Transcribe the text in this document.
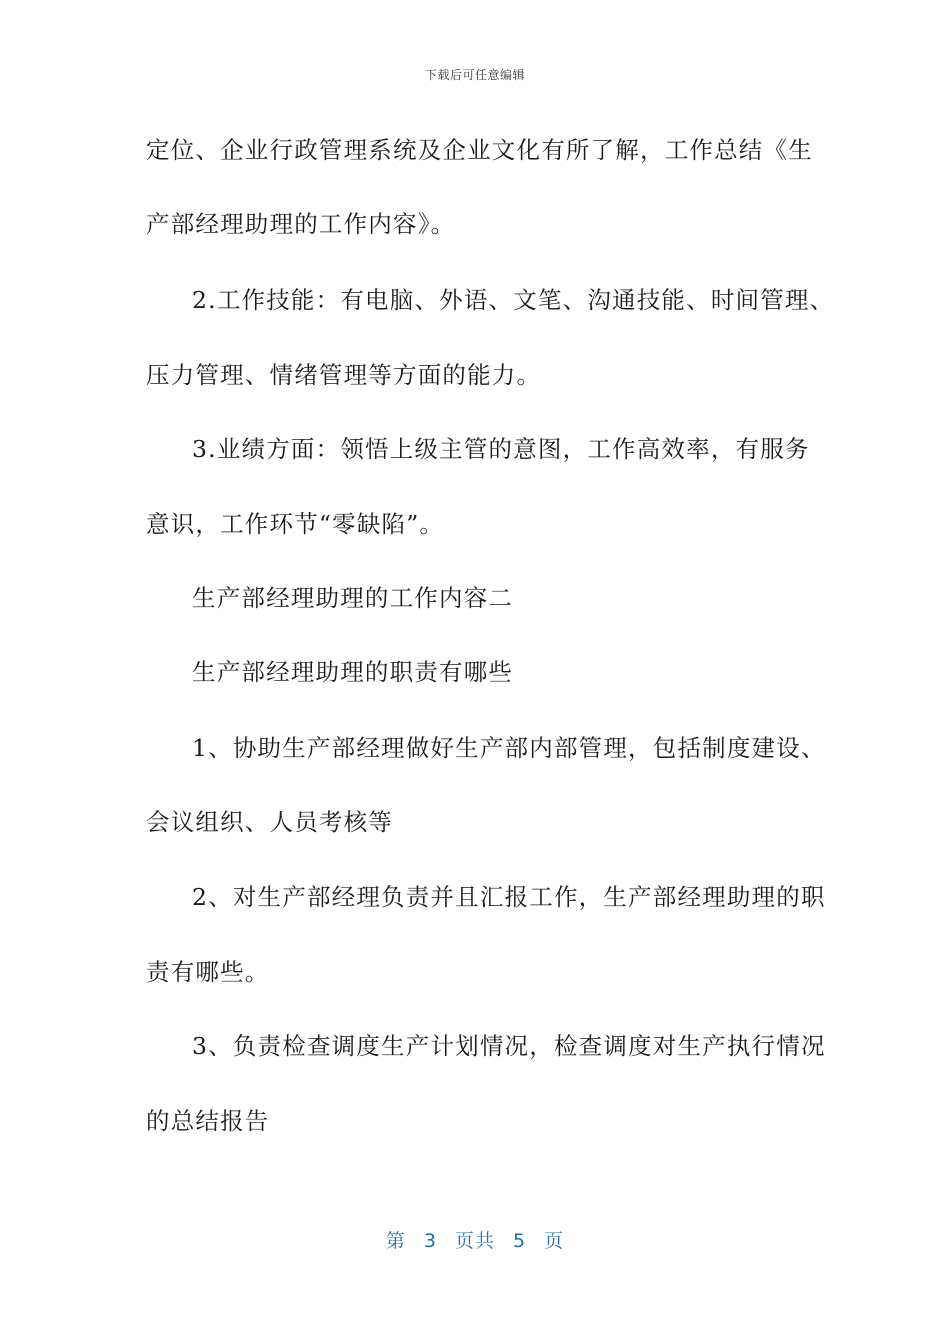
下载后可任意编辑
定位、企业行政管理系统及企业文化有所了解，工作总结《生
产部经理助理的工作内容》。
2.工作技能：有电脑、外语、文笔、沟通技能、时间管理、
压力管理、情绪管理等方面的能力。
3.业绩方面：领悟上级主管的意图，工作高效率，有服务
意识，工作环节“零缺陷”。
生产部经理助理的工作内容二
生产部经理助理的职责有哪些
1、协助生产部经理做好生产部内部管理，包括制度建设、
会议组织、人员考核等
2、对生产部经理负责并且汇报工作，生产部经理助理的职
责有哪些。
3、负责检查调度生产计划情况，检查调度对生产执行情况
的总结报告
第 3 页共 5 页
